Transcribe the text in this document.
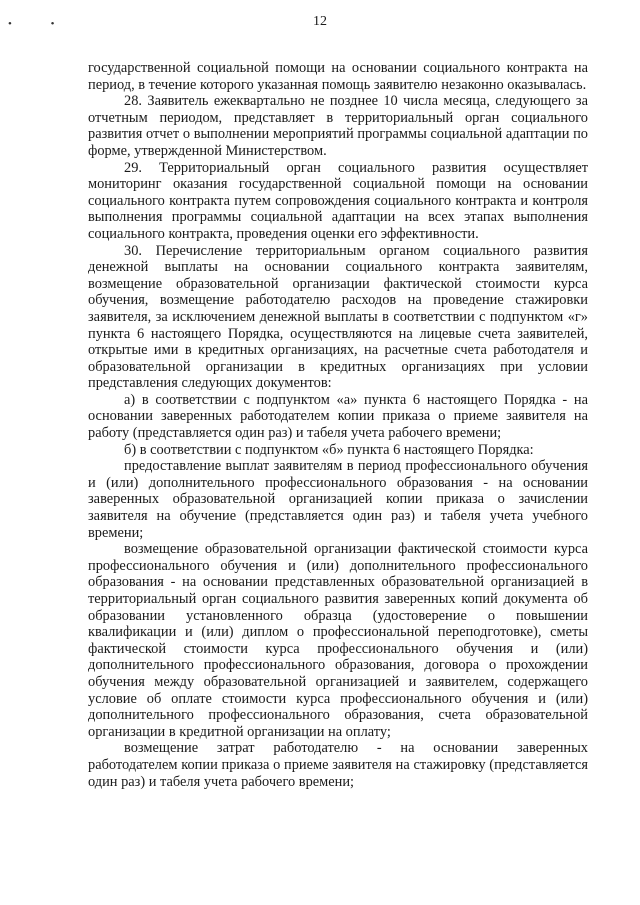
• •	12

государственной социальной помощи на основании социального контракта на период, в течение которого указанная помощь заявителю незаконно оказывалась.

28. Заявитель ежеквартально не позднее 10 числа месяца, следующего за отчетным периодом, представляет в территориальный орган социального развития отчет о выполнении мероприятий программы социальной адаптации по форме, утвержденной Министерством.

29. Территориальный орган социального развития осуществляет мониторинг оказания государственной социальной помощи на основании социального контракта путем сопровождения социального контракта и контроля выполнения программы социальной адаптации на всех этапах выполнения социального контракта, проведения оценки его эффективности.

30. Перечисление территориальным органом социального развития денежной выплаты на основании социального контракта заявителям, возмещение образовательной организации фактической стоимости курса обучения, возмещение работодателю расходов на проведение стажировки заявителя, за исключением денежной выплаты в соответствии с подпунктом «г» пункта 6 настоящего Порядка, осуществляются на лицевые счета заявителей, открытые ими в кредитных организациях, на расчетные счета работодателя и образовательной организации в кредитных организациях при условии представления следующих документов:

а) в соответствии с подпунктом «а» пункта 6 настоящего Порядка - на основании заверенных работодателем копии приказа о приеме заявителя на работу (представляется один раз) и табеля учета рабочего времени;

б) в соответствии с подпунктом «б» пункта 6 настоящего Порядка:

предоставление выплат заявителям в период профессионального обучения и (или) дополнительного профессионального образования - на основании заверенных образовательной организацией копии приказа о зачислении заявителя на обучение (представляется один раз) и табеля учета учебного времени;

возмещение образовательной организации фактической стоимости курса профессионального обучения и (или) дополнительного профессионального образования - на основании представленных образовательной организацией в территориальный орган социального развития заверенных копий документа об образовании установленного образца (удостоверение о повышении квалификации и (или) диплом о профессиональной переподготовке), сметы фактической стоимости курса профессионального обучения и (или) дополнительного профессионального образования, договора о прохождении обучения между образовательной организацией и заявителем, содержащего условие об оплате стоимости курса профессионального обучения и (или) дополнительного профессионального образования, счета образовательной организации в кредитной организации на оплату;

возмещение затрат работодателю - на основании заверенных работодателем копии приказа о приеме заявителя на стажировку (представляется один раз) и табеля учета рабочего времени;
